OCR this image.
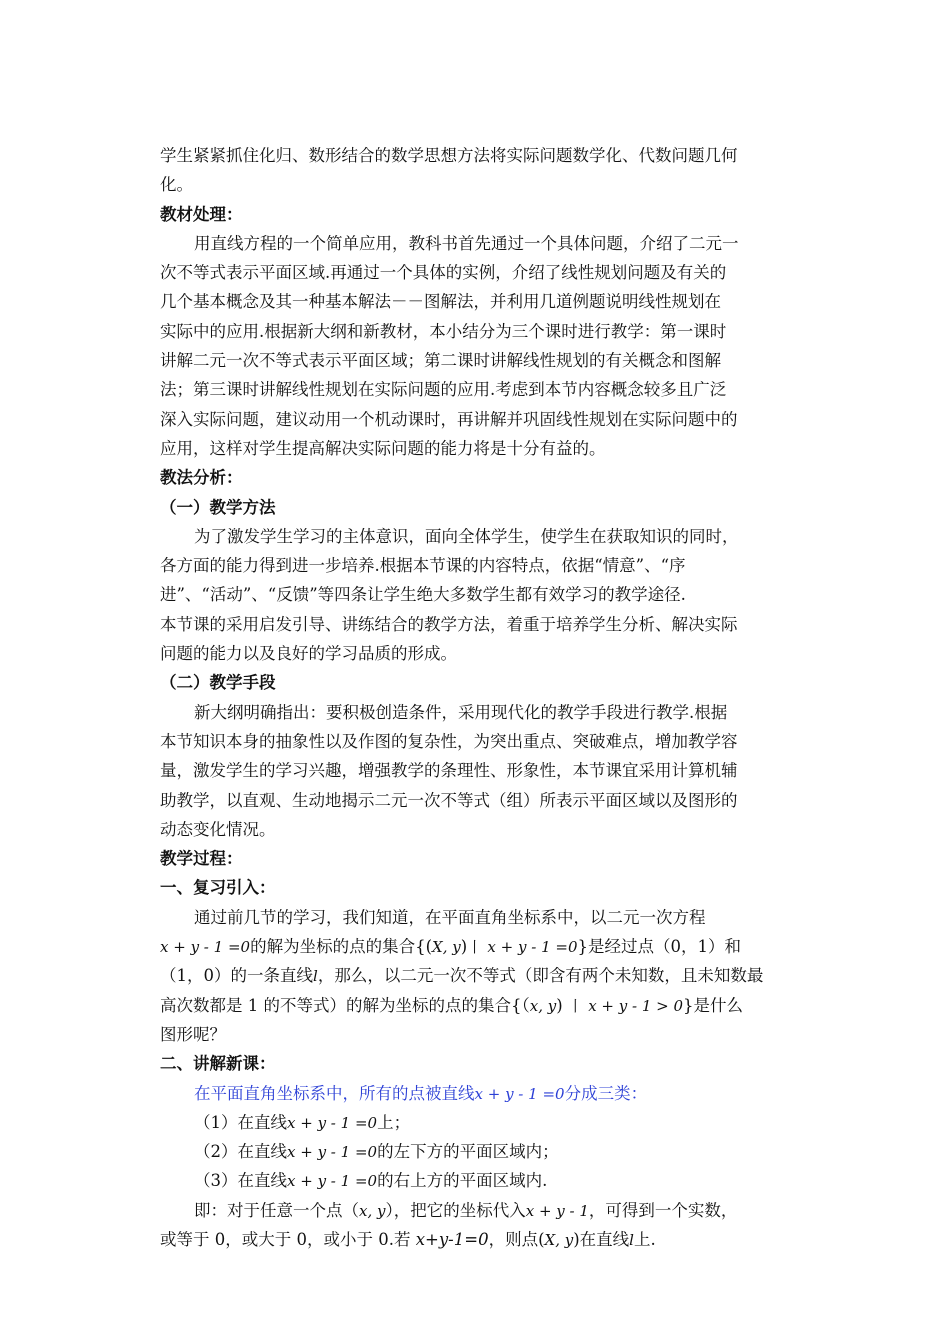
学生紧紧抓住化归、数形结合的数学思想方法将实际问题数学化、代数问题几何
化。
教材处理：
用直线方程的一个简单应用，教科书首先通过一个具体问题，介绍了二元一
次不等式表示平面区域.再通过一个具体的实例，介绍了线性规划问题及有关的
几个基本概念及其一种基本解法－－图解法，并利用几道例题说明线性规划在
实际中的应用.根据新大纲和新教材，本小结分为三个课时进行教学：第一课时
讲解二元一次不等式表示平面区域；第二课时讲解线性规划的有关概念和图解
法；第三课时讲解线性规划在实际问题的应用.考虑到本节内容概念较多且广泛
深入实际问题，建议动用一个机动课时，再讲解并巩固线性规划在实际问题中的
应用，这样对学生提高解决实际问题的能力将是十分有益的。
教法分析：
（一）教学方法
为了激发学生学习的主体意识，面向全体学生，使学生在获取知识的同时，
各方面的能力得到进一步培养.根据本节课的内容特点，依据“情意”、“序
进”、“活动”、“反馈”等四条让学生绝大多数学生都有效学习的教学途径.
本节课的采用启发引导、讲练结合的教学方法，着重于培养学生分析、解决实际
问题的能力以及良好的学习品质的形成。
（二）教学手段
新大纲明确指出：要积极创造条件，采用现代化的教学手段进行教学.根据
本节知识本身的抽象性以及作图的复杂性，为突出重点、突破难点，增加教学容
量，激发学生的学习兴趣，增强教学的条理性、形象性，本节课宜采用计算机辅
助教学，以直观、生动地揭示二元一次不等式（组）所表示平面区域以及图形的
动态变化情况。
教学过程：
一、复习引入：
通过前几节的学习，我们知道，在平面直角坐标系中，以二元一次方程
x + y - 1 =0的解为坐标的点的集合{(X, y)丨 x + y - 1 =0}是经过点（0，1）和
（1，0）的一条直线l，那么，以二元一次不等式（即含有两个未知数，且未知数最
高次数都是 1 的不等式）的解为坐标的点的集合{（x, y) 丨 x + y - 1 > 0}是什么
图形呢？
二、讲解新课：
在平面直角坐标系中，所有的点被直线x + y - 1 =0分成三类：
（1）在直线x + y - 1 =0上；
（2）在直线x + y - 1 =0的左下方的平面区域内；
（3）在直线x + y - 1 =0的右上方的平面区域内.
即：对于任意一个点（x, y），把它的坐标代入x + y - 1，可得到一个实数，
或等于 0，或大于 0，或小于 0.若 x+y-1=0，则点(X, y)在直线l上.
